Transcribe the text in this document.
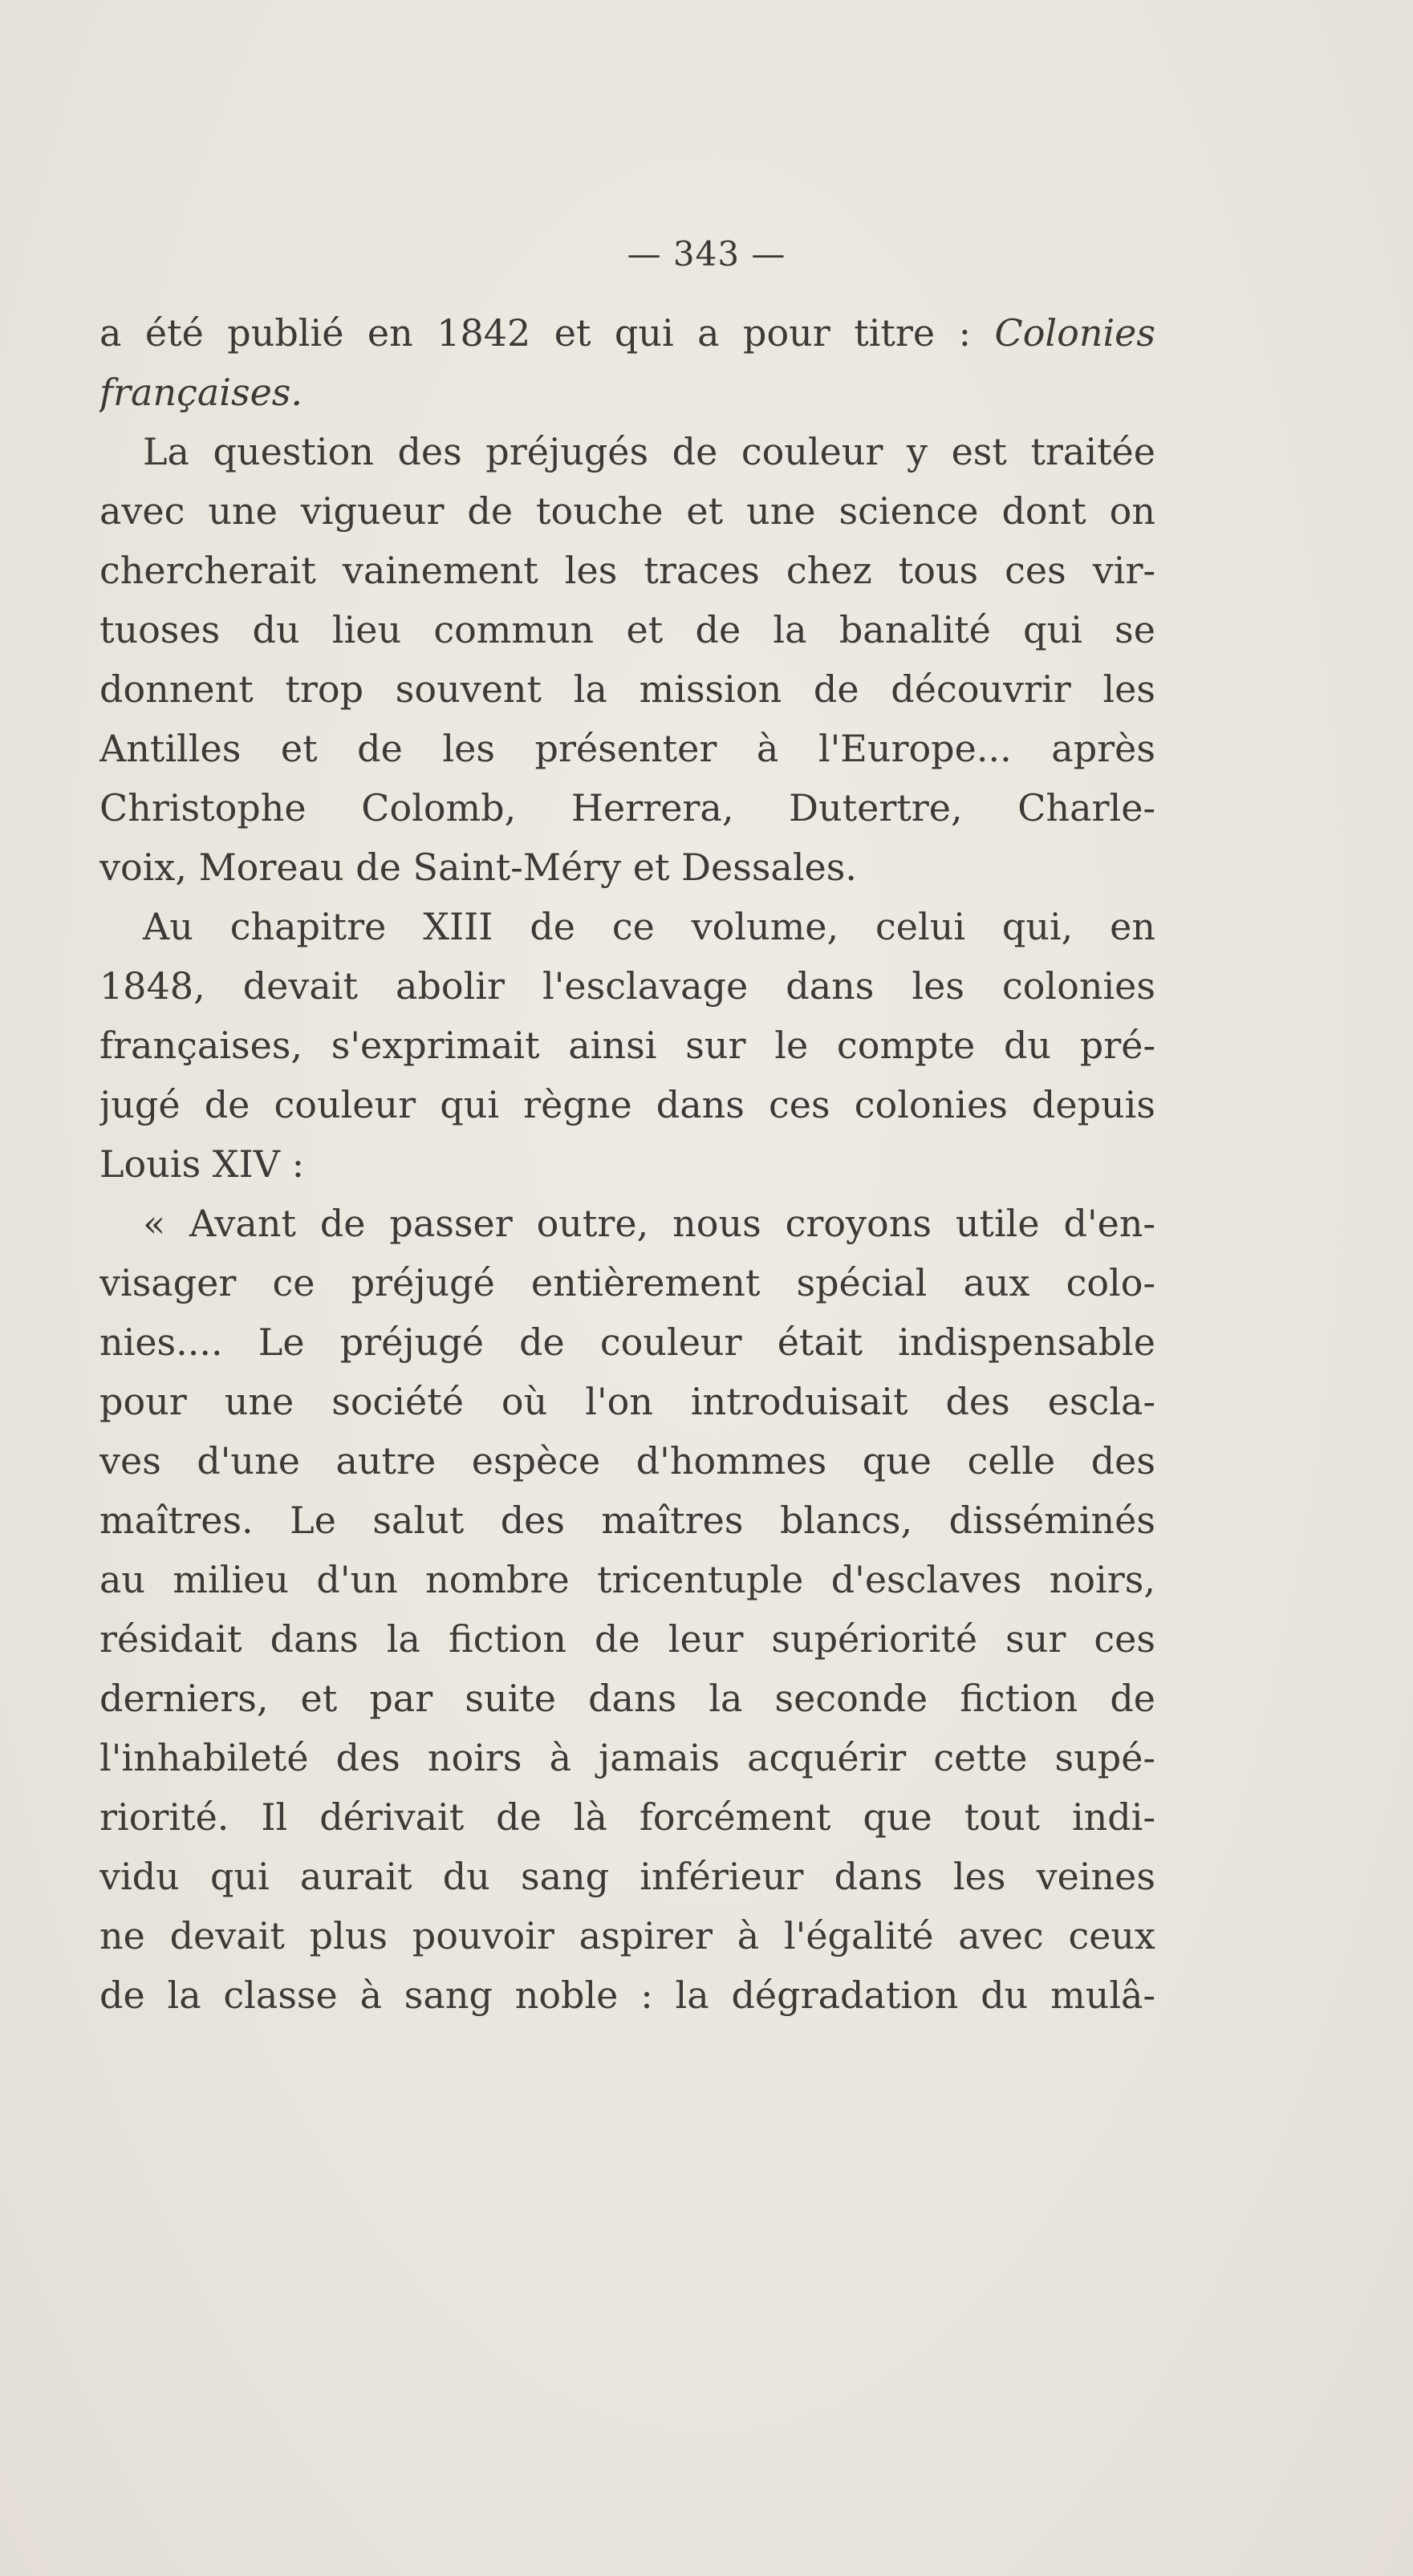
— 343 —
a été publié en 1842 et qui a pour titre : Colonies
françaises.
La question des préjugés de couleur y est traitée
avec une vigueur de touche et une science dont on
chercherait vainement les traces chez tous ces vir-
tuoses du lieu commun et de la banalité qui se
donnent trop souvent la mission de découvrir les
Antilles et de les présenter à l'Europe... après
Christophe Colomb, Herrera, Dutertre, Charle-
voix, Moreau de Saint-Méry et Dessales.
Au chapitre XIII de ce volume, celui qui, en
1848, devait abolir l'esclavage dans les colonies
françaises, s'exprimait ainsi sur le compte du pré-
jugé de couleur qui règne dans ces colonies depuis
Louis XIV :
« Avant de passer outre, nous croyons utile d'en-
visager ce préjugé entièrement spécial aux colo-
nies.... Le préjugé de couleur était indispensable
pour une société où l'on introduisait des escla-
ves d'une autre espèce d'hommes que celle des
maîtres. Le salut des maîtres blancs, disséminés
au milieu d'un nombre tricentuple d'esclaves noirs,
résidait dans la fiction de leur supériorité sur ces
derniers, et par suite dans la seconde fiction de
l'inhabileté des noirs à jamais acquérir cette supé-
riorité. Il dérivait de là forcément que tout indi-
vidu qui aurait du sang inférieur dans les veines
ne devait plus pouvoir aspirer à l'égalité avec ceux
de la classe à sang noble : la dégradation du mulâ-
